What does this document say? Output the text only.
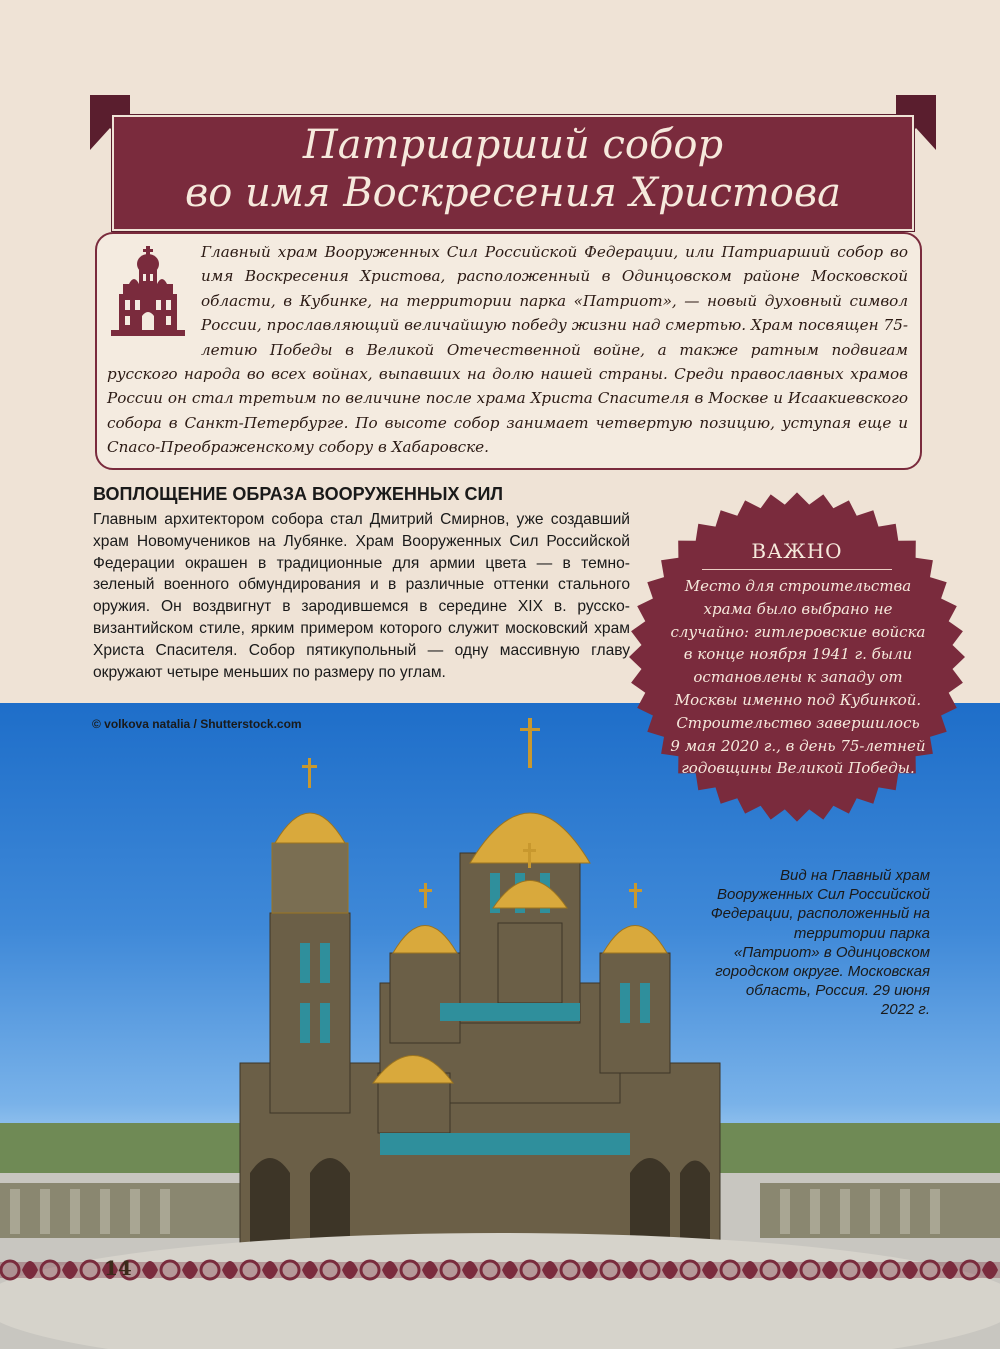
Патриарший собор
во имя Воскресения Христова

Главный храм Вооруженных Сил Российской Федерации, или Патриарший собор во имя Воскресения Христова, расположенный в Одинцовском районе Московской области, в Кубинке, на территории парка «Патриот», — новый духовный символ России, прославляющий величайшую победу жизни над смертью. Храм посвящен 75-летию Победы в Великой Отечественной войне, а также ратным подвигам русского народа во всех войнах, выпавших на долю нашей страны. Среди православных храмов России он стал третьим по величине после храма Христа Спасителя в Москве и Исаакиевского собора в Санкт-Петербурге. По высоте собор занимает четвертую позицию, уступая еще и Спасо-Преображенскому собору в Хабаровске.

ВОПЛОЩЕНИЕ ОБРАЗА ВООРУЖЕННЫХ СИЛ

Главным архитектором собора стал Дмитрий Смирнов, уже создавший храм Новомучеников на Лубянке. Храм Вооруженных Сил Российской Федерации окрашен в традиционные для армии цвета — в темно-зеленый военного обмундирования и в различные оттенки стального оружия. Он воздвигнут в зародившемся в середине XIX в. русско-византийском стиле, ярким примером которого служит московский храм Христа Спасителя. Собор пятикупольный — одну массивную главу окружают четыре меньших по размеру по углам.

© volkova natalia / Shutterstock.com

Вид на Главный храм Вооруженных Сил Российской Федерации, расположенный на территории парка «Патриот» в Одинцовском городском округе. Московская область, Россия. 29 июня 2022 г.

ВАЖНО

Место для строительства храма было выбрано не случайно: гитлеровские войска в конце ноября 1941 г. были остановлены к западу от Москвы именно под Кубинкой. Строительство завершилось 9 мая 2020 г., в день 75-летней годовщины Великой Победы.

14
